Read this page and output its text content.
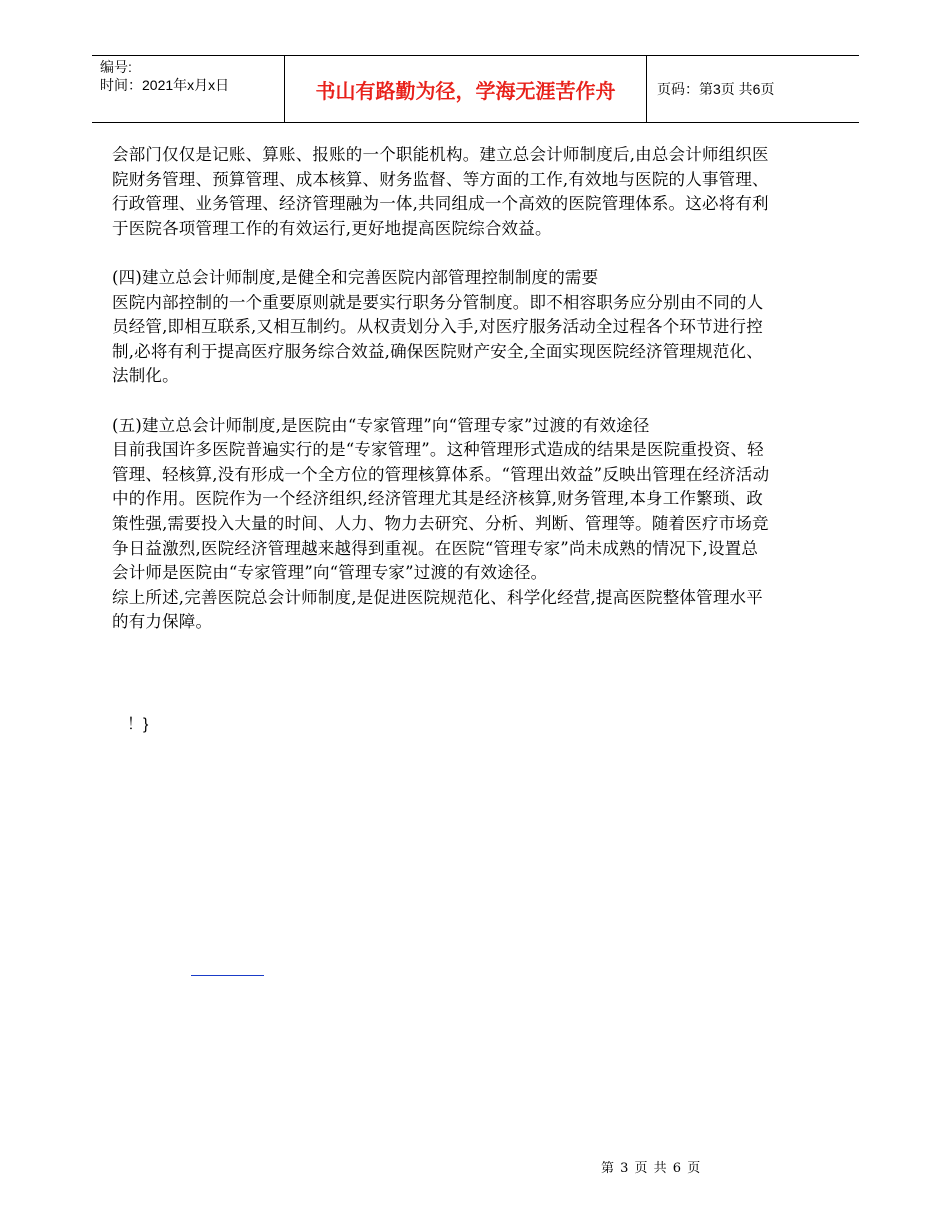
编号:
时间：2021年x月x日	书山有路勤为径，学海无涯苦作舟	页码：第3页 共6页

会部门仅仅是记账、算账、报账的一个职能机构。建立总会计师制度后,由总会计师组织医院财务管理、预算管理、成本核算、财务监督、等方面的工作,有效地与医院的人事管理、行政管理、业务管理、经济管理融为一体,共同组成一个高效的医院管理体系。这必将有利于医院各项管理工作的有效运行,更好地提高医院综合效益。

(四)建立总会计师制度,是健全和完善医院内部管理控制制度的需要

医院内部控制的一个重要原则就是要实行职务分管制度。即不相容职务应分别由不同的人员经管,即相互联系,又相互制约。从权责划分入手,对医疗服务活动全过程各个环节进行控制,必将有利于提高医疗服务综合效益,确保医院财产安全,全面实现医院经济管理规范化、法制化。

(五)建立总会计师制度,是医院由“专家管理”向“管理专家”过渡的有效途径

目前我国许多医院普遍实行的是“专家管理”。这种管理形式造成的结果是医院重投资、轻管理、轻核算,没有形成一个全方位的管理核算体系。“管理出效益”反映出管理在经济活动中的作用。医院作为一个经济组织,经济管理尤其是经济核算,财务管理,本身工作繁琐、政策性强,需要投入大量的时间、人力、物力去研究、分析、判断、管理等。随着医疗市场竞争日益激烈,医院经济管理越来越得到重视。在医院“管理专家”尚未成熟的情况下,设置总会计师是医院由“专家管理”向“管理专家”过渡的有效途径。

综上所述,完善医院总会计师制度,是促进医院规范化、科学化经营,提高医院整体管理水平的有力保障。

！}
第 3 页 共 6 页
